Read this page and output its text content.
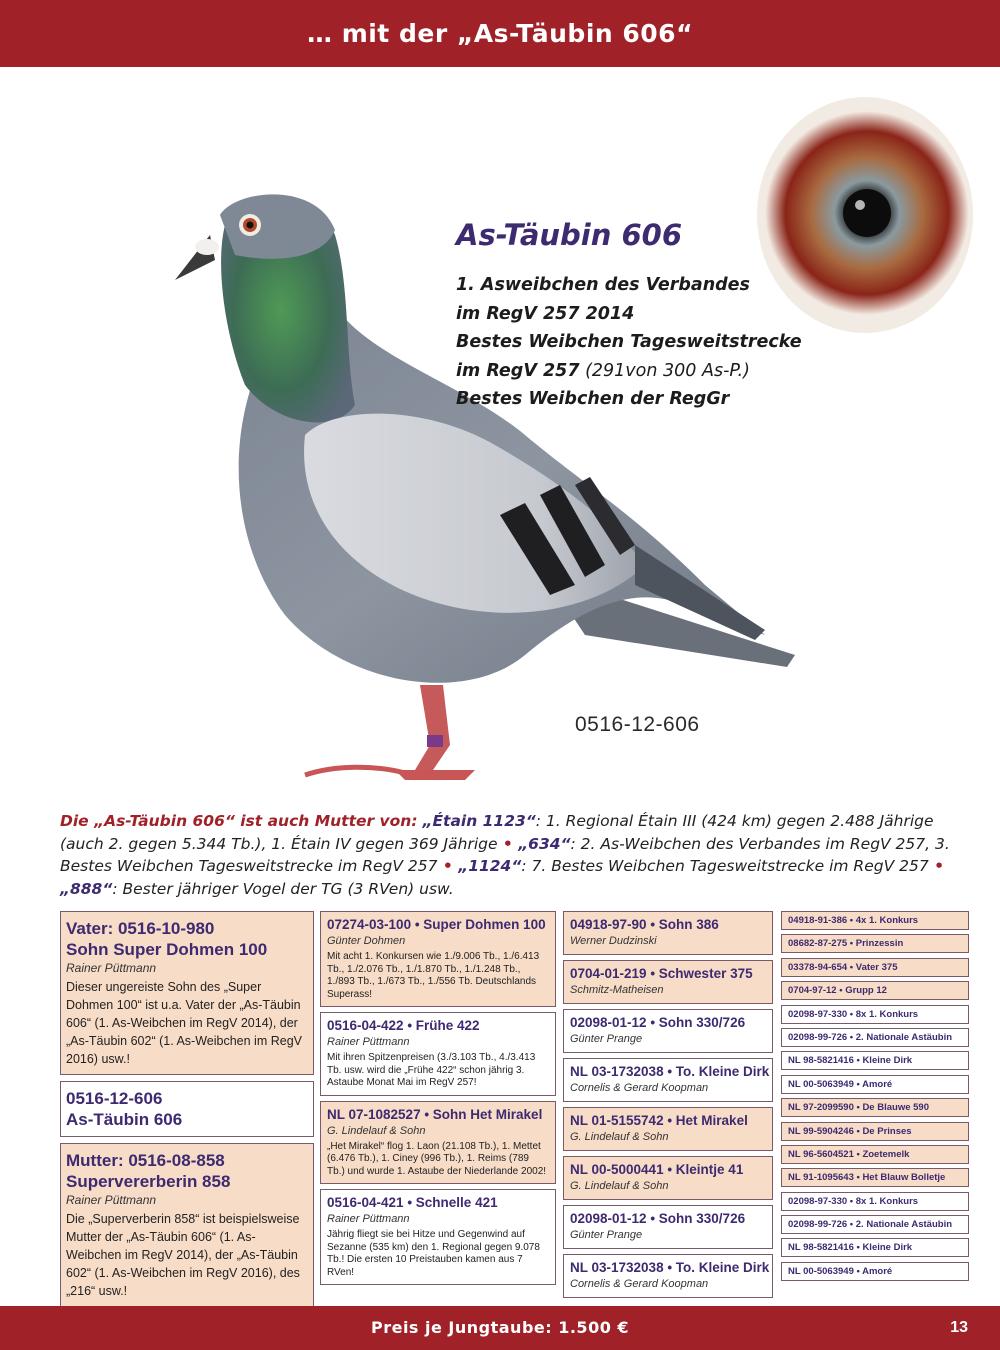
… mit der „As-Täubin 606“
As-Täubin 606
1. Asweibchen des Verbandes
im RegV 257 2014
Bestes Weibchen Tagesweitstrecke
im RegV 257 (291von 300 As-P.)
Bestes Weibchen der RegGr
0516-12-606
Die „As-Täubin 606“ ist auch Mutter von: „Étain 1123“: 1. Regional Étain III (424 km) gegen 2.488 Jährige (auch 2. gegen 5.344 Tb.), 1. Étain IV gegen 369 Jährige • „634“: 2. As-Weibchen des Verbandes im RegV 257, 3. Bestes Weibchen Tagesweitstrecke im RegV 257 • „1124“: 7. Bestes Weibchen Tagesweitstrecke im RegV 257 • „888“: Bester jähriger Vogel der TG (3 RVen) usw.
Vater: 0516-10-980
Sohn Super Dohmen 100
Rainer Püttmann
Dieser ungereiste Sohn des „Super Dohmen 100“ ist u.a. Vater der „As-Täubin 606“ (1. As-Weibchen im RegV 2014), der „As-Täubin 602“ (1. As-Weibchen im RegV 2016) usw.!
0516-12-606
As-Täubin 606
Mutter: 0516-08-858
Supervererberin 858
Rainer Püttmann
Die „Superverberin 858“ ist beispielsweise Mutter der „As-Täubin 606“ (1. As-Weibchen im RegV 2014), der „As-Täubin 602“ (1. As-Weibchen im RegV 2016), des „216“ usw.!
07274-03-100 • Super Dohmen 100
Günter Dohmen
Mit acht 1. Konkursen wie 1./9.006 Tb., 1./6.413 Tb., 1./2.076 Tb., 1./1.870 Tb., 1./1.248 Tb., 1./893 Tb., 1./673 Tb., 1./556 Tb. Deutschlands Superass!
0516-04-422 • Frühe 422
Rainer Püttmann
Mit ihren Spitzenpreisen (3./3.103 Tb., 4./3.413 Tb. usw. wird die „Frühe 422“ schon jährig 3. Astaube Monat Mai im RegV 257!
NL 07-1082527 • Sohn Het Mirakel
G. Lindelauf & Sohn
„Het Mirakel“ flog 1. Laon (21.108 Tb.), 1. Mettet (6.476 Tb.), 1. Ciney (996 Tb.), 1. Reims (789 Tb.) und wurde 1. Astaube der Niederlande 2002!
0516-04-421 • Schnelle 421
Rainer Püttmann
Jährig fliegt sie bei Hitze und Gegenwind auf Sezanne (535 km) den 1. Regional gegen 9.078 Tb.! Die ersten 10 Preistauben kamen aus 7 RVen!
04918-97-90 • Sohn 386
Werner Dudzinski
0704-01-219 • Schwester 375
Schmitz-Matheisen
02098-01-12 • Sohn 330/726
Günter Prange
NL 03-1732038 • To. Kleine Dirk
Cornelis & Gerard Koopman
NL 01-5155742 • Het Mirakel
G. Lindelauf & Sohn
NL 00-5000441 • Kleintje 41
G. Lindelauf & Sohn
02098-01-12 • Sohn 330/726
Günter Prange
NL 03-1732038 • To. Kleine Dirk
Cornelis & Gerard Koopman
04918-91-386 • 4x 1. Konkurs
08682-87-275 • Prinzessin
03378-94-654 • Vater 375
0704-97-12 • Grupp 12
02098-97-330 • 8x 1. Konkurs
02098-99-726 • 2. Nationale Astäubin
NL 98-5821416 • Kleine Dirk
NL 00-5063949 • Amoré
NL 97-2099590 • De Blauwe 590
NL 99-5904246 • De Prinses
NL 96-5604521 • Zoetemelk
NL 91-1095643 • Het Blauw Bolletje
02098-97-330 • 8x 1. Konkurs
02098-99-726 • 2. Nationale Astäubin
NL 98-5821416 • Kleine Dirk
NL 00-5063949 • Amoré
Preis je Jungtaube: 1.500 €	13
